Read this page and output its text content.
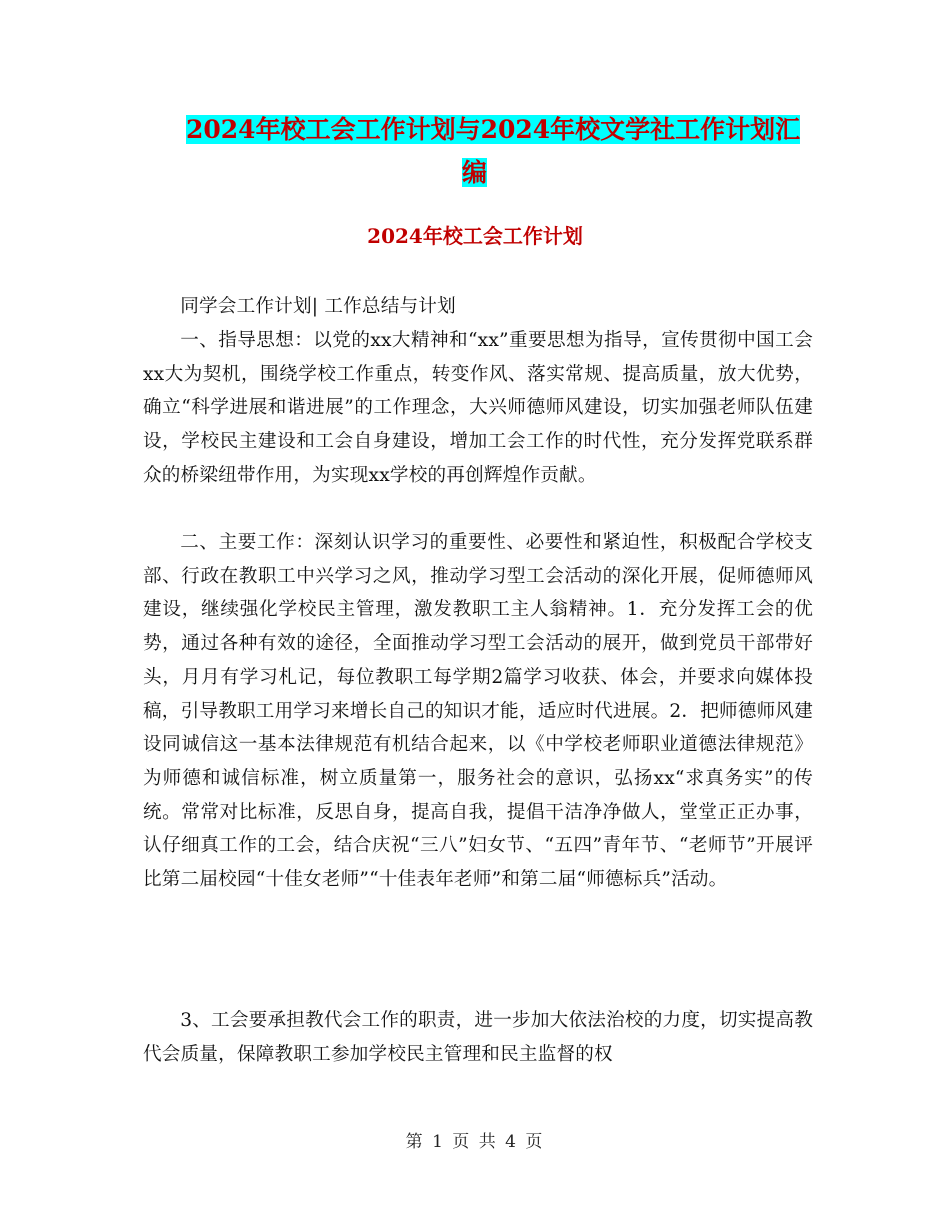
2024年校工会工作计划与2024年校文学社工作计划汇
编
2024年校工会工作计划

同学会工作计划| 工作总结与计划

一、指导思想：以党的xx大精神和“xx”重要思想为指导，宣传贯彻中国工会xx大为契机，围绕学校工作重点，转变作风、落实常规、提高质量，放大优势，确立“科学进展和谐进展”的工作理念，大兴师德师风建设，切实加强老师队伍建设，学校民主建设和工会自身建设，增加工会工作的时代性，充分发挥党联系群众的桥梁纽带作用，为实现xx学校的再创辉煌作贡献。

二、主要工作：深刻认识学习的重要性、必要性和紧迫性，积极配合学校支部、行政在教职工中兴学习之风，推动学习型工会活动的深化开展，促师德师风建设，继续强化学校民主管理，激发教职工主人翁精神。1．充分发挥工会的优势，通过各种有效的途径，全面推动学习型工会活动的展开，做到党员干部带好头，月月有学习札记，每位教职工每学期2篇学习收获、体会，并要求向媒体投稿，引导教职工用学习来增长自己的知识才能，适应时代进展。2．把师德师风建设同诚信这一基本法律规范有机结合起来，以《中学校老师职业道德法律规范》为师德和诚信标准，树立质量第一，服务社会的意识，弘扬xx“求真务实”的传统。常常对比标准，反思自身，提高自我，提倡干洁净净做人，堂堂正正办事，认仔细真工作的工会，结合庆祝“三八”妇女节、“五四”青年节、“老师节”开展评比第二届校园“十佳女老师”“十佳表年老师”和第二届“师德标兵”活动。

3、工会要承担教代会工作的职责，进一步加大依法治校的力度，切实提高教代会质量，保障教职工参加学校民主管理和民主监督的权

第 1 页 共 4 页
